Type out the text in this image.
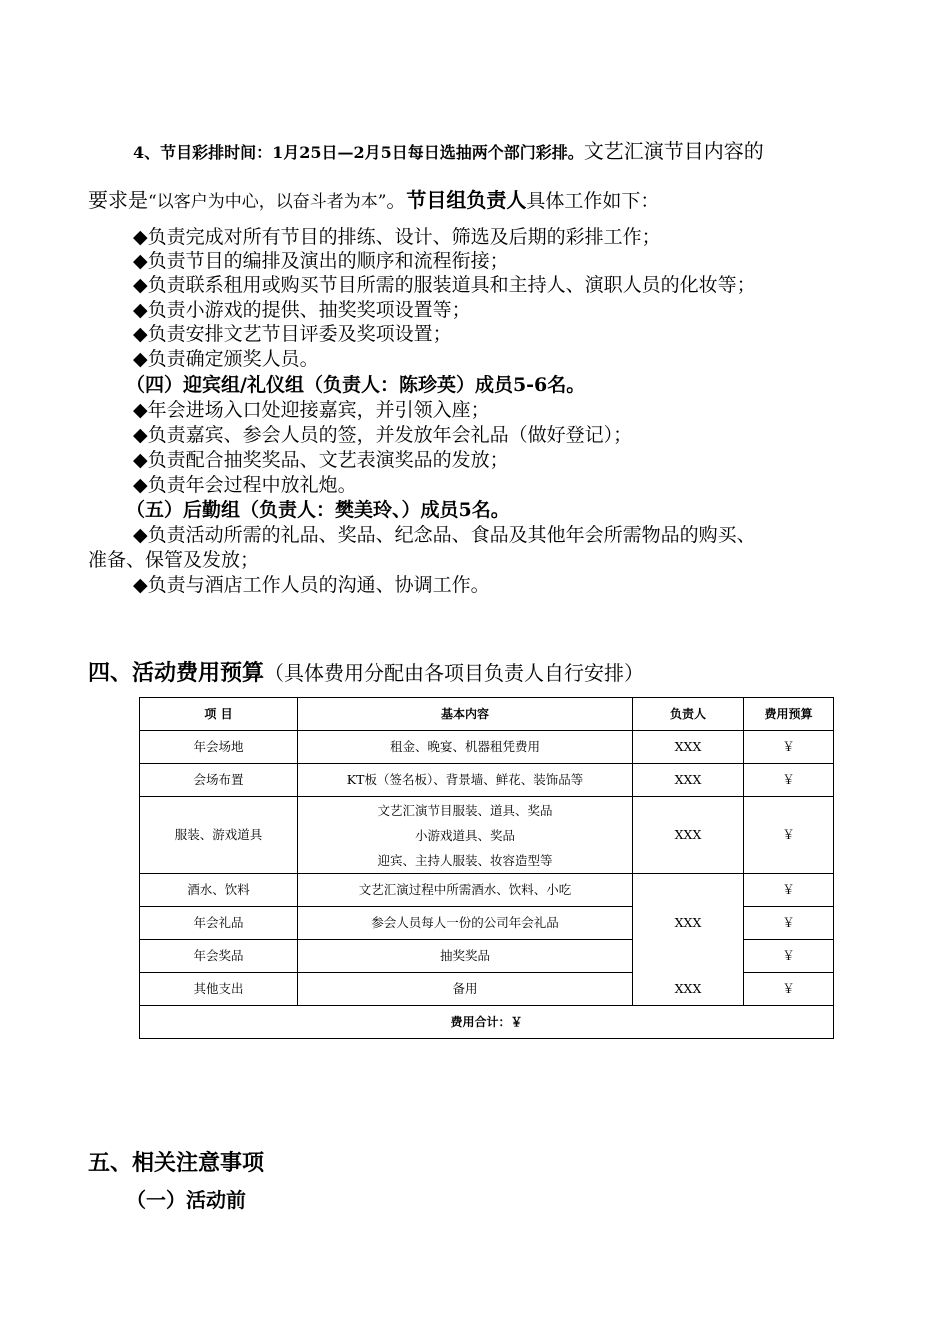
4、节目彩排时间：1月25日—2月5日每日选抽两个部门彩排。文艺汇演节目内容的
要求是“以客户为中心，以奋斗者为本”。节目组负责人具体工作如下：
◆负责完成对所有节目的排练、设计、筛选及后期的彩排工作；
◆负责节目的编排及演出的顺序和流程衔接；
◆负责联系租用或购买节目所需的服装道具和主持人、演职人员的化妆等；
◆负责小游戏的提供、抽奖奖项设置等；
◆负责安排文艺节目评委及奖项设置；
◆负责确定颁奖人员。
（四）迎宾组/礼仪组（负责人：陈珍英）成员5-6名。
◆年会进场入口处迎接嘉宾，并引领入座；
◆负责嘉宾、参会人员的签，并发放年会礼品（做好登记）；
◆负责配合抽奖奖品、文艺表演奖品的发放；
◆负责年会过程中放礼炮。
（五）后勤组（负责人：樊美玲、）成员5名。
◆负责活动所需的礼品、奖品、纪念品、食品及其他年会所需物品的购买、
准备、保管及发放；
◆负责与酒店工作人员的沟通、协调工作。
四、活动费用预算（具体费用分配由各项目负责人自行安排）
项 目	基本内容	负责人	费用预算
年会场地	租金、晚宴、机器租凭费用	XXX	￥
会场布置	KT板（签名板）、背景墙、鲜花、装饰品等	XXX	￥
服装、游戏道具	文艺汇演节目服装、道具、奖品
小游戏道具、奖品
迎宾、主持人服装、妆容造型等	XXX	￥
酒水、饮料	文艺汇演过程中所需酒水、饮料、小吃		￥
年会礼品	参会人员每人一份的公司年会礼品	XXX	￥
年会奖品	抽奖奖品		￥
其他支出	备用	XXX	￥
费用合计：￥			
五、相关注意事项
（一）活动前
